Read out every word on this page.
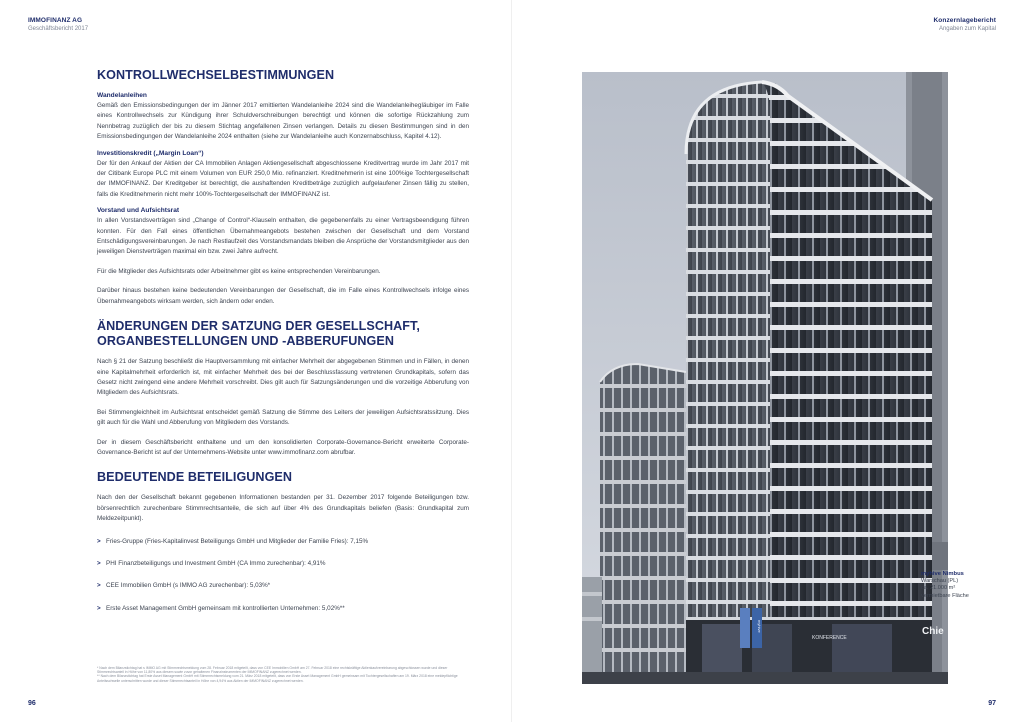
IMMOFINANZ AG
Geschäftsbericht 2017
KONTROLLWECHSELBESTIMMUNGEN
Wandelanleihen
Gemäß den Emissionsbedingungen der im Jänner 2017 emittierten Wandelanleihe 2024 sind die Wandelanleihegläubiger im Falle eines Kontrollwechsels zur Kündigung ihrer Schuldverschreibungen berechtigt und können die sofortige Rückzahlung zum Nennbetrag zuzüglich der bis zu diesem Stichtag angefallenen Zinsen verlangen. Details zu diesen Bestimmungen sind in den Emissionsbedingungen der Wandelanleihe 2024 enthalten (siehe zur Wandelanleihe auch Konzernabschluss, Kapitel 4.12).
Investitionskredit („Margin Loan“)
Der für den Ankauf der Aktien der CA Immobilien Anlagen Aktiengesellschaft abgeschlossene Kreditvertrag wurde im Jahr 2017 mit der Citibank Europe PLC mit einem Volumen von EUR 250,0 Mio. refinanziert. Kreditnehmerin ist eine 100%ige Tochtergesellschaft der IMMOFINANZ. Der Kreditgeber ist berechtigt, die aushaftenden Kreditbeträge zuzüglich aufgelaufener Zinsen fällig zu stellen, falls die Kreditnehmerin nicht mehr 100%-Tochtergesellschaft der IMMOFINANZ ist.
Vorstand und Aufsichtsrat
In allen Vorstandsverträgen sind „Change of Control“-Klauseln enthalten, die gegebenenfalls zu einer Vertragsbeendigung führen konnten. Für den Fall eines öffentlichen Übernahmeangebots bestehen zwischen der Gesellschaft und dem Vorstand Entschädigungsvereinbarungen. Je nach Restlaufzeit des Vorstandsmandats bleiben die Ansprüche der Vorstandsmitglieder aus den jeweiligen Dienstverträgen maximal ein bzw. zwei Jahre aufrecht.
Für die Mitglieder des Aufsichtsrats oder Arbeitnehmer gibt es keine entsprechenden Vereinbarungen.
Darüber hinaus bestehen keine bedeutenden Vereinbarungen der Gesellschaft, die im Falle eines Kontrollwechsels infolge eines Übernahmeangebots wirksam werden, sich ändern oder enden.
ÄNDERUNGEN DER SATZUNG DER GESELLSCHAFT,
ORGANBESTELLUNGEN UND -ABBERUFUNGEN
Nach § 21 der Satzung beschließt die Hauptversammlung mit einfacher Mehrheit der abgegebenen Stimmen und in Fällen, in denen eine Kapitalmehrheit erforderlich ist, mit einfacher Mehrheit des bei der Beschlussfassung vertretenen Grundkapitals, sofern das Gesetz nicht zwingend eine andere Mehrheit vorschreibt. Dies gilt auch für Satzungsänderungen und die vorzeitige Abberufung von Mitgliedern des Aufsichtsrats.
Bei Stimmengleichheit im Aufsichtsrat entscheidet gemäß Satzung die Stimme des Leiters der jeweiligen Aufsichtsratssitzung. Dies gilt auch für die Wahl und Abberufung von Mitgliedern des Vorstands.
Der in diesem Geschäftsbericht enthaltene und um den konsolidierten Corporate-Governance-Bericht erweiterte Corporate-Governance-Bericht ist auf der Unternehmens-Website unter www.immofinanz.com abrufbar.
BEDEUTENDE BETEILIGUNGEN
Nach den der Gesellschaft bekannt gegebenen Informationen bestanden per 31. Dezember 2017 folgende Beteiligungen bzw. börsenrechtlich zurechenbare Stimmrechtsanteile, die sich auf über 4% des Grundkapitals beliefen (Basis: Grundkapital zum Meldezeitpunkt).
> Fries-Gruppe (Fries-Kapitalinvest Beteiligungs GmbH und Mitglieder der Familie Fries): 7,15%
> PHI Finanzbeteiligungs und Investment GmbH (CA Immo zurechenbar): 4,91%
> CEE Immobilien GmbH (s IMMO AG zurechenbar): 5,03%*
> Erste Asset Management GmbH gemeinsam mit kontrollierten Unternehmen: 5,02%**
* Nach dem Bilanzstichtag hat s IMMO AG mit Stimmrechtsmeldung vom 28. Februar 2018 mitgeteilt, dass von CEE Immobilien GmbH am 27. Februar 2018 eine rechtskräftige Aktienkaufvereinbarung abgeschlossen wurde und dieser Stimmrechtsanteil in Höhe von 11,80% aus diesem sowie zuvor gehaltenen Finanzinstrumenten der IMMOFINANZ zugerechnet werden.
** Nach dem Bilanzstichtag hat Erste Asset Management GmbH mit Stimmrechtsmeldung vom 21. März 2018 mitgeteilt, dass von Erste Asset Management GmbH gemeinsam mit Tochtergesellschaften am 19. März 2018 eine meldepflichtige Anteilsschwelle unterschritten wurde und dieser Stimmrechtsanteil in Höhe von 4,94% aus Aktien der IMMOFINANZ zugerechnet werden.
96
Konzernlagebericht
Angaben zum Kapital
97
KONFERENCE
myhive	Chie
myhive Nimbus
Warschau (PL)
ca. 21.000 m²
vermietbare Fläche
